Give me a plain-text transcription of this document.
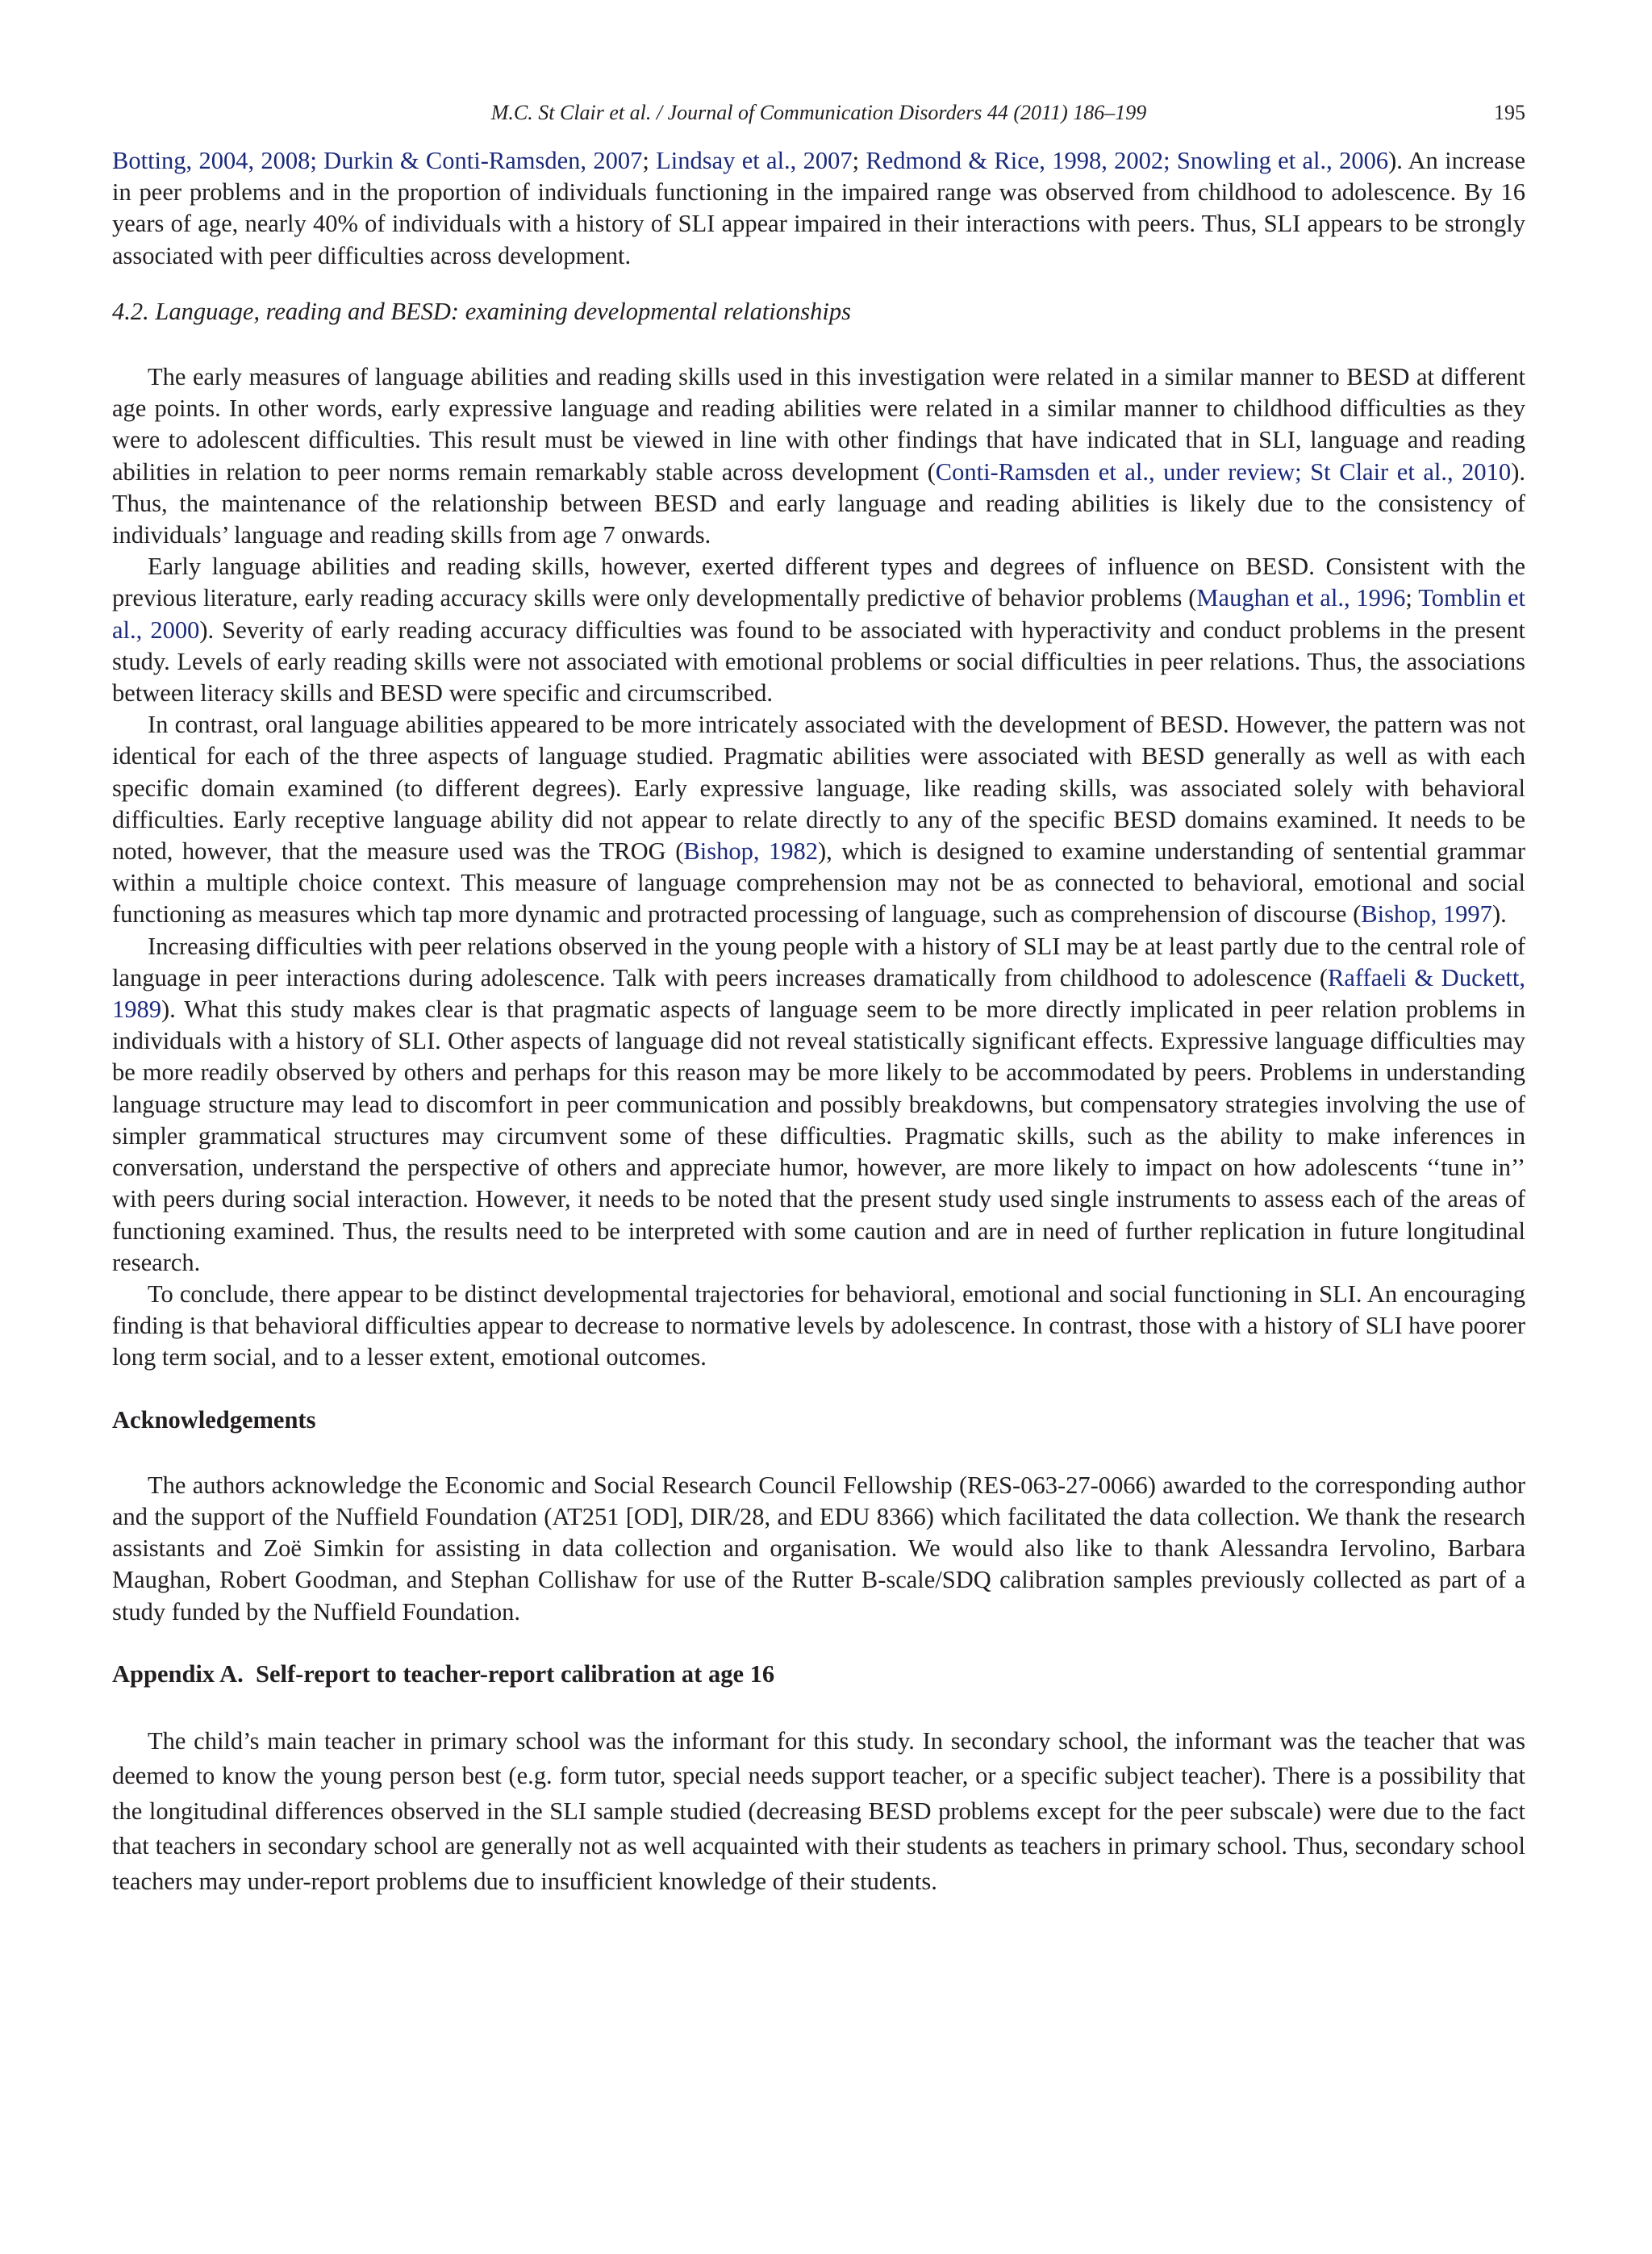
M.C. St Clair et al. / Journal of Communication Disorders 44 (2011) 186–199	195

Botting, 2004, 2008; Durkin & Conti-Ramsden, 2007; Lindsay et al., 2007; Redmond & Rice, 1998, 2002; Snowling et al., 2006). An increase in peer problems and in the proportion of individuals functioning in the impaired range was observed from childhood to adolescence. By 16 years of age, nearly 40% of individuals with a history of SLI appear impaired in their interactions with peers. Thus, SLI appears to be strongly associated with peer difficulties across development.

4.2. Language, reading and BESD: examining developmental relationships

The early measures of language abilities and reading skills used in this investigation were related in a similar manner to BESD at different age points. In other words, early expressive language and reading abilities were related in a similar manner to childhood difficulties as they were to adolescent difficulties. This result must be viewed in line with other findings that have indicated that in SLI, language and reading abilities in relation to peer norms remain remarkably stable across development (Conti-Ramsden et al., under review; St Clair et al., 2010). Thus, the maintenance of the relationship between BESD and early language and reading abilities is likely due to the consistency of individuals’ language and reading skills from age 7 onwards.

Early language abilities and reading skills, however, exerted different types and degrees of influence on BESD. Consistent with the previous literature, early reading accuracy skills were only developmentally predictive of behavior problems (Maughan et al., 1996; Tomblin et al., 2000). Severity of early reading accuracy difficulties was found to be associated with hyperactivity and conduct problems in the present study. Levels of early reading skills were not associated with emotional problems or social difficulties in peer relations. Thus, the associations between literacy skills and BESD were specific and circumscribed.

In contrast, oral language abilities appeared to be more intricately associated with the development of BESD. However, the pattern was not identical for each of the three aspects of language studied. Pragmatic abilities were associated with BESD generally as well as with each specific domain examined (to different degrees). Early expressive language, like reading skills, was associated solely with behavioral difficulties. Early receptive language ability did not appear to relate directly to any of the specific BESD domains examined. It needs to be noted, however, that the measure used was the TROG (Bishop, 1982), which is designed to examine understanding of sentential grammar within a multiple choice context. This measure of language comprehension may not be as connected to behavioral, emotional and social functioning as measures which tap more dynamic and protracted processing of language, such as comprehension of discourse (Bishop, 1997).

Increasing difficulties with peer relations observed in the young people with a history of SLI may be at least partly due to the central role of language in peer interactions during adolescence. Talk with peers increases dramatically from childhood to adolescence (Raffaeli & Duckett, 1989). What this study makes clear is that pragmatic aspects of language seem to be more directly implicated in peer relation problems in individuals with a history of SLI. Other aspects of language did not reveal statistically significant effects. Expressive language difficulties may be more readily observed by others and perhaps for this reason may be more likely to be accommodated by peers. Problems in understanding language structure may lead to discomfort in peer communication and possibly breakdowns, but compensatory strategies involving the use of simpler grammatical structures may circumvent some of these difficulties. Pragmatic skills, such as the ability to make inferences in conversation, understand the perspective of others and appreciate humor, however, are more likely to impact on how adolescents ‘‘tune in’’ with peers during social interaction. However, it needs to be noted that the present study used single instruments to assess each of the areas of functioning examined. Thus, the results need to be interpreted with some caution and are in need of further replication in future longitudinal research.

To conclude, there appear to be distinct developmental trajectories for behavioral, emotional and social functioning in SLI. An encouraging finding is that behavioral difficulties appear to decrease to normative levels by adolescence. In contrast, those with a history of SLI have poorer long term social, and to a lesser extent, emotional outcomes.

Acknowledgements

The authors acknowledge the Economic and Social Research Council Fellowship (RES-063-27-0066) awarded to the corresponding author and the support of the Nuffield Foundation (AT251 [OD], DIR/28, and EDU 8366) which facilitated the data collection. We thank the research assistants and Zoë Simkin for assisting in data collection and organisation. We would also like to thank Alessandra Iervolino, Barbara Maughan, Robert Goodman, and Stephan Collishaw for use of the Rutter B-scale/SDQ calibration samples previously collected as part of a study funded by the Nuffield Foundation.

Appendix A.  Self-report to teacher-report calibration at age 16

The child’s main teacher in primary school was the informant for this study. In secondary school, the informant was the teacher that was deemed to know the young person best (e.g. form tutor, special needs support teacher, or a specific subject teacher). There is a possibility that the longitudinal differences observed in the SLI sample studied (decreasing BESD problems except for the peer subscale) were due to the fact that teachers in secondary school are generally not as well acquainted with their students as teachers in primary school. Thus, secondary school teachers may under-report problems due to insufficient knowledge of their students.
